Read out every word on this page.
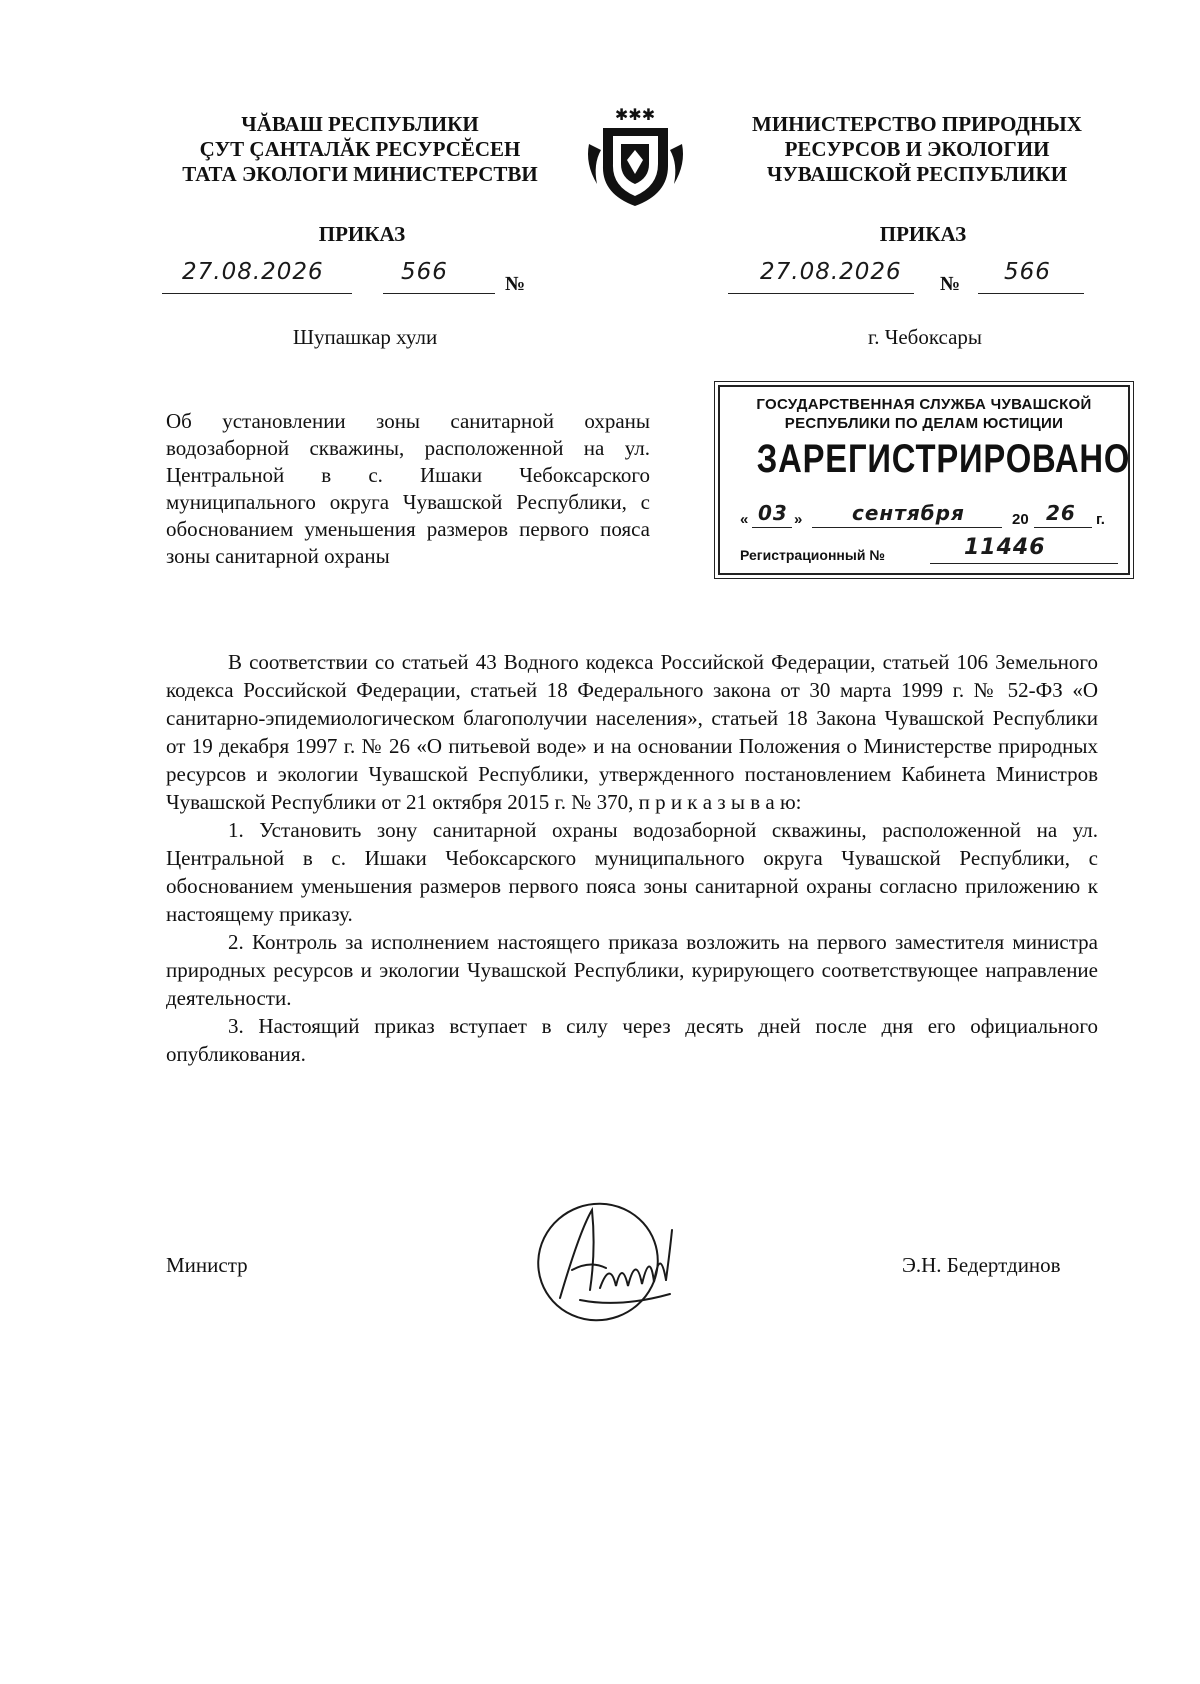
ЧĂВАШ РЕСПУБЛИКИ
ÇУТ ÇАНТАЛĂК РЕСУРСĔСЕН
ТАТА ЭКОЛОГИ МИНИСТЕРСТВИ
✱✱✱	МИНИСТЕРСТВО ПРИРОДНЫХ
РЕСУРСОВ И ЭКОЛОГИИ
ЧУВАШСКОЙ РЕСПУБЛИКИ
ПРИКАЗ	ПРИКАЗ
27.08.2026	566	№	27.08.2026 № 566
Шупашкар хули	г. Чебоксары
Об установлении зоны санитарной охраны водозаборной скважины, расположенной на ул. Центральной в с. Ишаки Чебоксарского муниципального округа Чувашской Республики, с обоснованием уменьшения размеров первого пояса зоны санитарной охраны
ГОСУДАРСТВЕННАЯ СЛУЖБА ЧУВАШСКОЙ
РЕСПУБЛИКИ ПО ДЕЛАМ ЮСТИЦИИ
ЗАРЕГИСТРИРОВАНО
« 03 » сентября	20 26 г.
Регистрационный №	11446

В соответствии со статьей 43 Водного кодекса Российской Федерации, статьей 106 Земельного кодекса Российской Федерации, статьей 18 Федерального закона от 30 марта 1999 г. № 52-ФЗ «О санитарно-эпидемиологическом благополучии населения», статьей 18 Закона Чувашской Республики от 19 декабря 1997 г. № 26 «О питьевой воде» и на основании Положения о Министерстве природных ресурсов и экологии Чувашской Республики, утвержденного постановлением Кабинета Министров Чувашской Республики от 21 октября 2015 г. № 370, п р и к а з ы в а ю:

1. Установить зону санитарной охраны водозаборной скважины, расположенной на ул. Центральной в с. Ишаки Чебоксарского муниципального округа Чувашской Республики, с обоснованием уменьшения размеров первого пояса зоны санитарной охраны согласно приложению к настоящему приказу.

2. Контроль за исполнением настоящего приказа возложить на первого заместителя министра природных ресурсов и экологии Чувашской Республики, курирующего соответствующее направление деятельности.

3. Настоящий приказ вступает в силу через десять дней после дня его официального опубликования.

Министр	Э.Н. Бедертдинов
